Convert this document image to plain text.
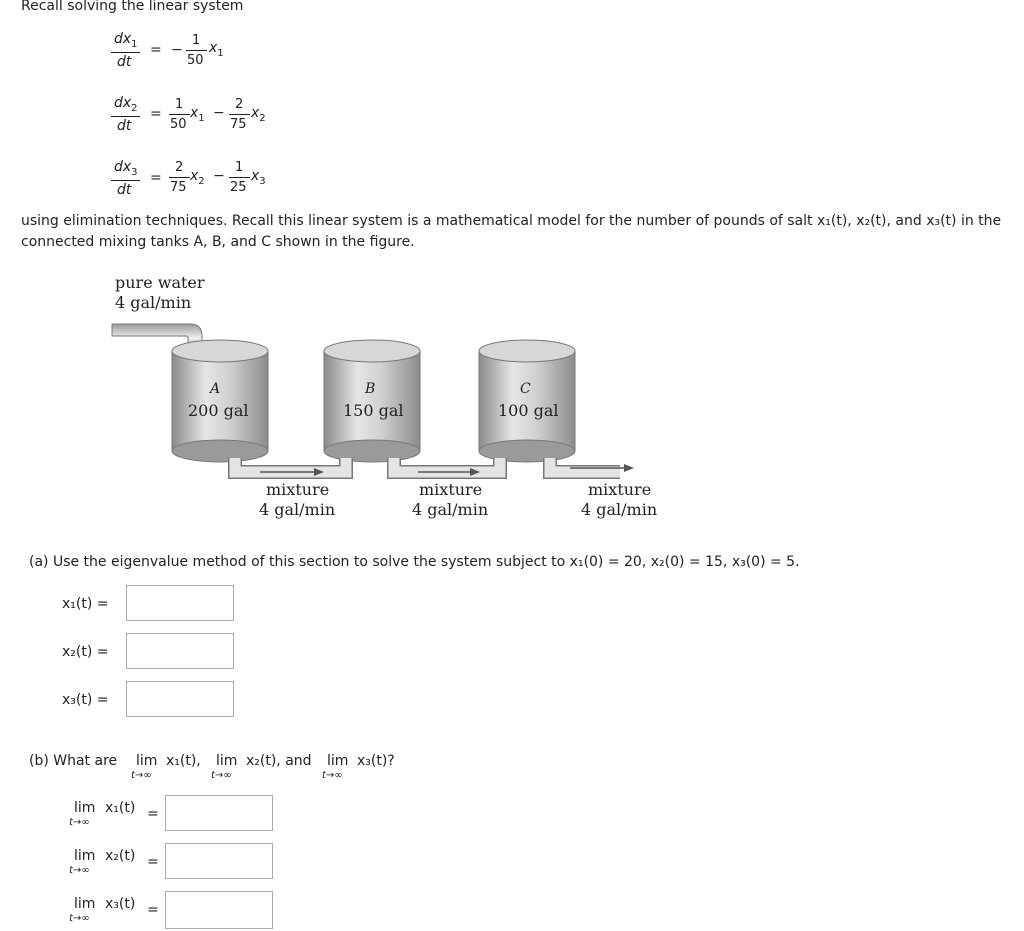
Recall solving the linear system
$dx_1$
dt
= −
1
50
$x_1$
$dx_2$
dt
=
1
50
$x_1$ −
2
75
$x_2$
$dx_3$
dt
=
2
75
$x_2$ −
1
25
$x_3$
using elimination techniques. Recall this linear system is a mathematical model for the number of pounds of salt x₁(t), x₂(t), and x₃(t) in the
connected mixing tanks A, B, and C shown in the figure.
pure water
4 gal/min
A
200 gal
B
150 gal
C
100 gal
mixture
4 gal/min
mixture
4 gal/min
mixture
4 gal/min
(a) Use the eigenvalue method of this section to solve the system subject to x₁(0) = 20, x₂(0) = 15, x₃(0) = 5.
x₁(t) =
x₂(t) =
x₃(t) =
(b) What are lim
t→∞
x₁(t), lim
t→∞
x₂(t), and lim
t→∞
x₃(t)?
lim
t→∞
x₁(t) =
lim
t→∞
x₂(t) =
lim
t→∞
x₃(t) =
